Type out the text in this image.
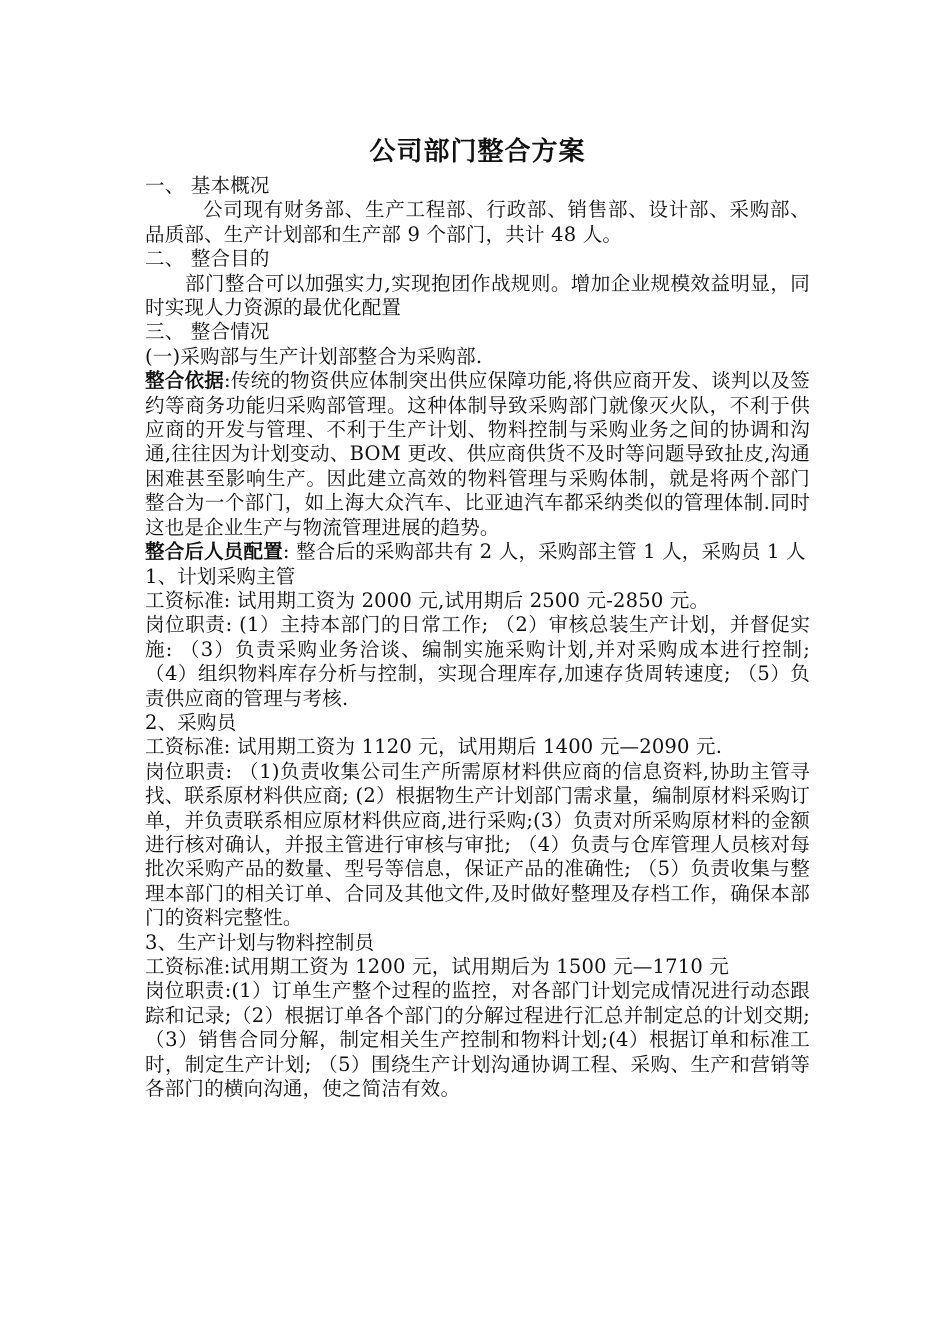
公司部门整合方案

一、 基本概况

公司现有财务部、生产工程部、行政部、销售部、设计部、采购部、品质部、生产计划部和生产部 9 个部门，共计 48 人。

二、 整合目的

部门整合可以加强实力,实现抱团作战规则。增加企业规模效益明显，同时实现人力资源的最优化配置

三、 整合情况

(一)采购部与生产计划部整合为采购部.

整合依据:传统的物资供应体制突出供应保障功能,将供应商开发、谈判以及签约等商务功能归采购部管理。这种体制导致采购部门就像灭火队，不利于供应商的开发与管理、不利于生产计划、物料控制与采购业务之间的协调和沟通,往往因为计划变动、BOM 更改、供应商供货不及时等问题导致扯皮,沟通困难甚至影响生产。因此建立高效的物料管理与采购体制，就是将两个部门整合为一个部门，如上海大众汽车、比亚迪汽车都采纳类似的管理体制.同时这也是企业生产与物流管理进展的趋势。

整合后人员配置: 整合后的采购部共有 2 人，采购部主管 1 人，采购员 1 人

1、计划采购主管

工资标准: 试用期工资为 2000 元,试用期后 2500 元-2850 元。

岗位职责: (1）主持本部门的日常工作; （2）审核总装生产计划，并督促实施: （3）负责采购业务洽谈、编制实施采购计划,并对采购成本进行控制;（4）组织物料库存分析与控制，实现合理库存,加速存货周转速度; （5）负责供应商的管理与考核.

2、采购员

工资标准: 试用期工资为 1120 元，试用期后 1400 元—2090 元.

岗位职责: （1)负责收集公司生产所需原材料供应商的信息资料,协助主管寻找、联系原材料供应商; (2）根据物生产计划部门需求量，编制原材料采购订单，并负责联系相应原材料供应商,进行采购;(3）负责对所采购原材料的金额进行核对确认，并报主管进行审核与审批; （4）负责与仓库管理人员核对每批次采购产品的数量、型号等信息，保证产品的准确性; （5）负责收集与整理本部门的相关订单、合同及其他文件,及时做好整理及存档工作，确保本部门的资料完整性。

3、生产计划与物料控制员

工资标准:试用期工资为 1200 元，试用期后为 1500 元—1710 元

岗位职责:(1）订单生产整个过程的监控，对各部门计划完成情况进行动态跟踪和记录;（2）根据订单各个部门的分解过程进行汇总并制定总的计划交期; （3）销售合同分解，制定相关生产控制和物料计划;(4）根据订单和标准工时，制定生产计划; （5）围绕生产计划沟通协调工程、采购、生产和营销等各部门的横向沟通，使之简洁有效。
